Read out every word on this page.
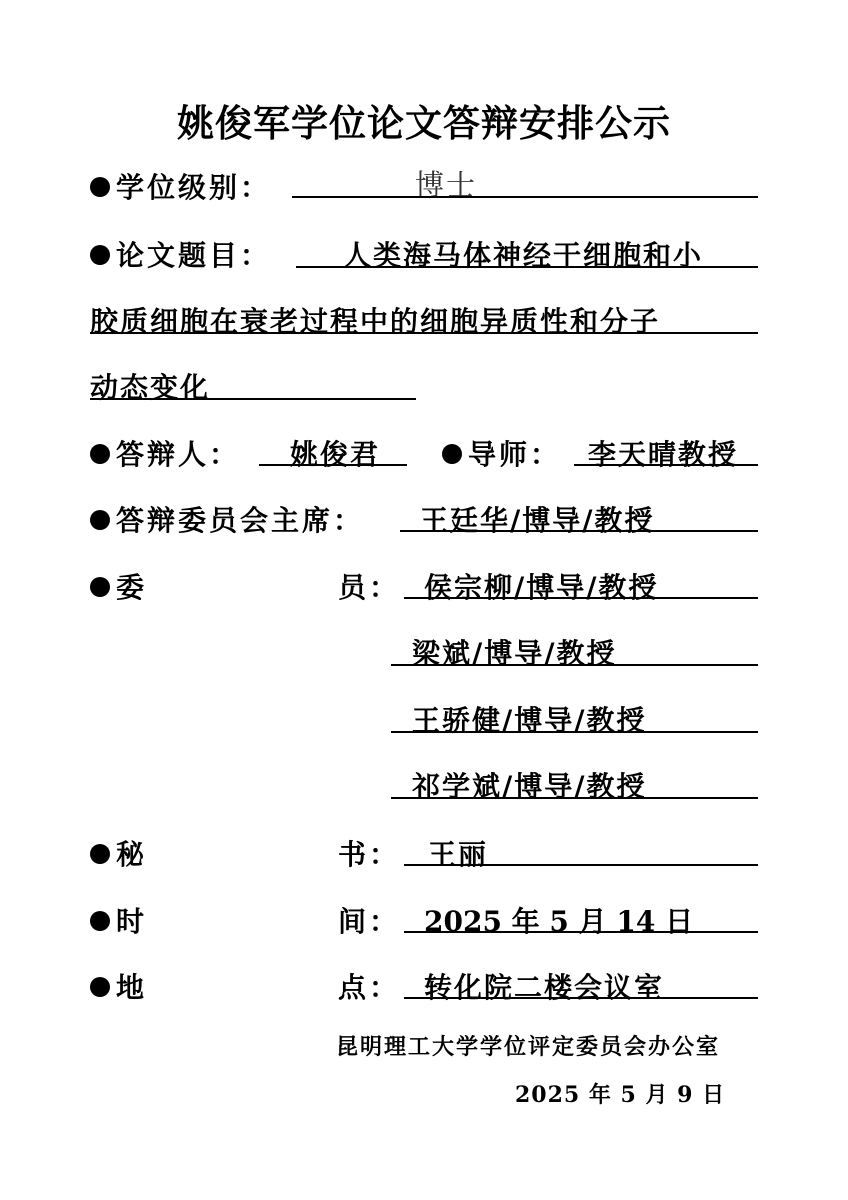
姚俊军学位论文答辩安排公示
学位级别：	博士
论文题目：	人类海马体神经干细胞和小
胶质细胞在衰老过程中的细胞异质性和分子
动态变化
答辩人： 姚俊君	导师： 李天晴教授
答辩委员会主席： 王廷华/博导/教授
委	员： 侯宗柳/博导/教授
梁斌/博导/教授
王骄健/博导/教授
祁学斌/博导/教授
秘	书： 王丽
时	间： 2025 年 5 月 14 日
地	点： 转化院二楼会议室
昆明理工大学学位评定委员会办公室
2025 年 5 月 9 日
